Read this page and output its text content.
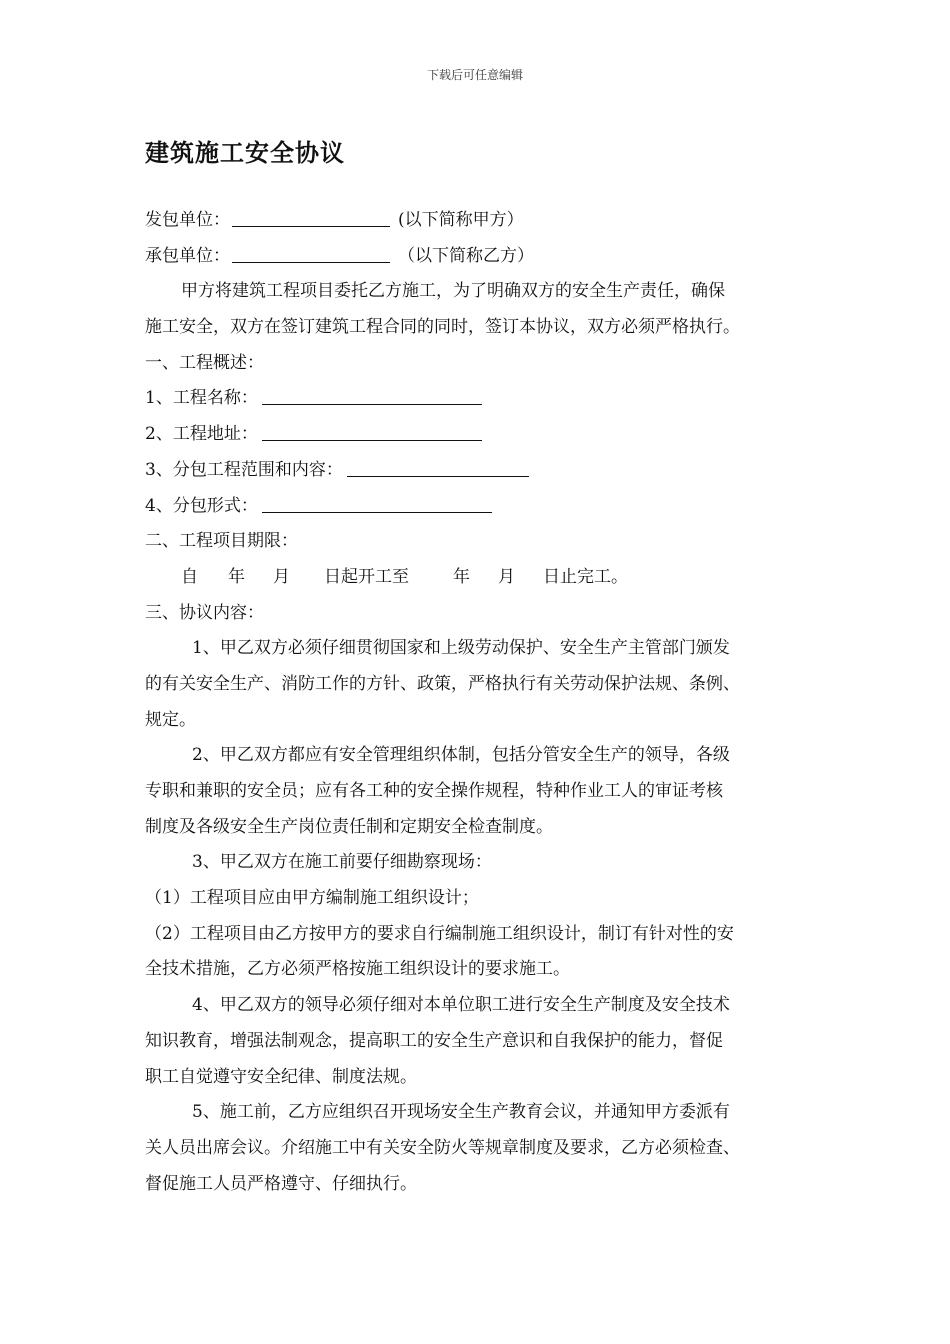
下载后可任意编辑
建筑施工安全协议
发包单位：	(以下简称甲方）
承包单位：	（以下简称乙方）
甲方将建筑工程项目委托乙方施工，为了明确双方的安全生产责任，确保
施工安全，双方在签订建筑工程合同的同时，签订本协议，双方必须严格执行。
一、工程概述：
1、工程名称：
2、工程地址：
3、分包工程范围和内容：
4、分包形式：
二、工程项目期限：
自 年 月 日起开工至	年 月 日止完工。
三、协议内容：
1、甲乙双方必须仔细贯彻国家和上级劳动保护、安全生产主管部门颁发
的有关安全生产、消防工作的方针、政策，严格执行有关劳动保护法规、条例、
规定。
2、甲乙双方都应有安全管理组织体制，包括分管安全生产的领导，各级
专职和兼职的安全员；应有各工种的安全操作规程，特种作业工人的审证考核
制度及各级安全生产岗位责任制和定期安全检查制度。
3、甲乙双方在施工前要仔细勘察现场：
（1）工程项目应由甲方编制施工组织设计；
（2）工程项目由乙方按甲方的要求自行编制施工组织设计，制订有针对性的安
全技术措施，乙方必须严格按施工组织设计的要求施工。
4、甲乙双方的领导必须仔细对本单位职工进行安全生产制度及安全技术
知识教育，增强法制观念，提高职工的安全生产意识和自我保护的能力，督促
职工自觉遵守安全纪律、制度法规。
5、施工前，乙方应组织召开现场安全生产教育会议，并通知甲方委派有
关人员出席会议。介绍施工中有关安全防火等规章制度及要求，乙方必须检查、
督促施工人员严格遵守、仔细执行。
